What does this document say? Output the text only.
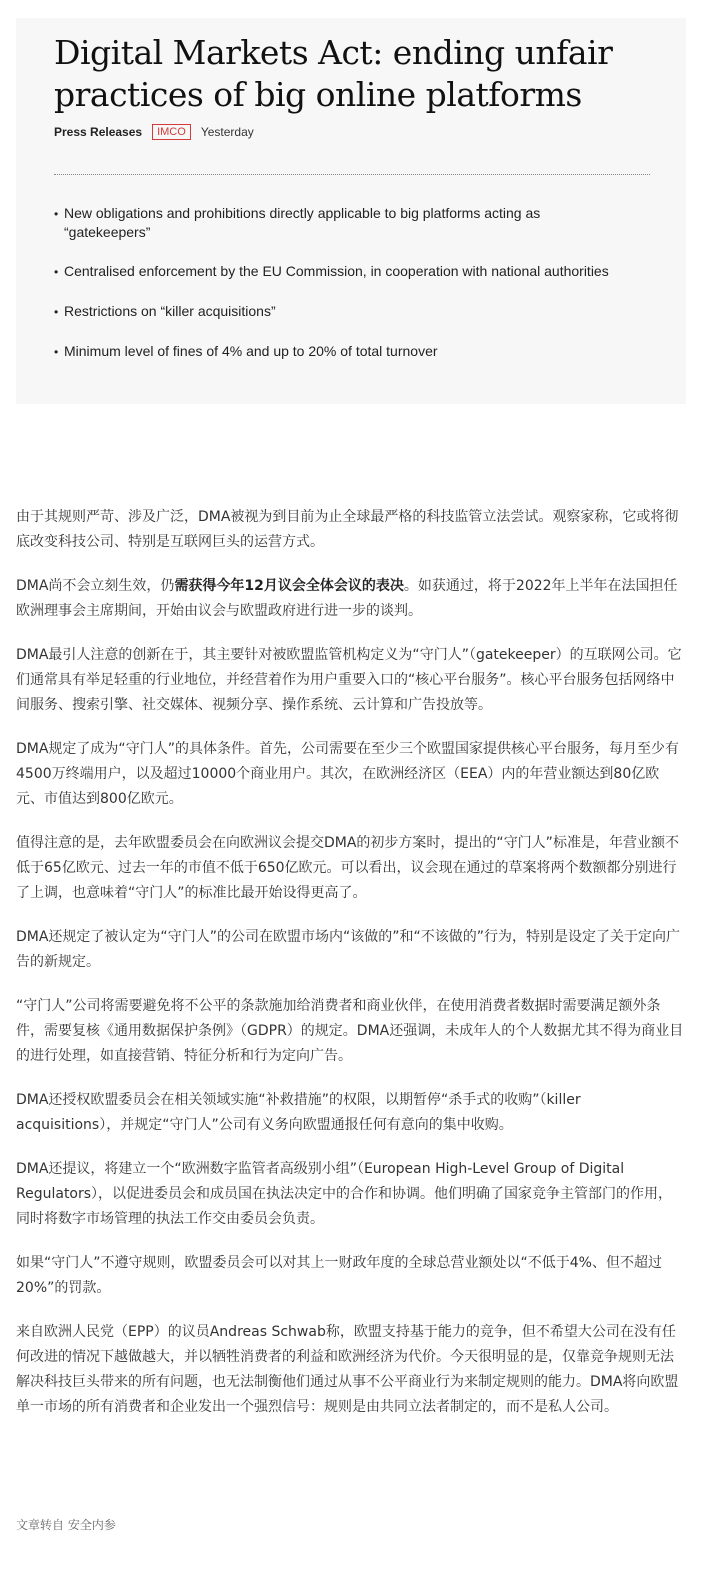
Digital Markets Act: ending unfair
practices of big online platforms
Press Releases	IMCO	Yesterday
• New obligations and prohibitions directly applicable to big platforms acting as “gatekeepers”
• Centralised enforcement by the EU Commission, in cooperation with national authorities
• Restrictions on “killer acquisitions”
• Minimum level of fines of 4% and up to 20% of total turnover

由于其规则严苛、涉及广泛，DMA被视为到目前为止全球最严格的科技监管立法尝试。观察家称，它或将彻底改变科技公司、特别是互联网巨头的运营方式。

DMA尚不会立刻生效，仍需获得今年12月议会全体会议的表决。如获通过，将于2022年上半年在法国担任欧洲理事会主席期间，开始由议会与欧盟政府进行进一步的谈判。

DMA最引人注意的创新在于，其主要针对被欧盟监管机构定义为“守门人”（gatekeeper）的互联网公司。它们通常具有举足轻重的行业地位，并经营着作为用户重要入口的“核心平台服务”。核心平台服务包括网络中间服务、搜索引擎、社交媒体、视频分享、操作系统、云计算和广告投放等。

DMA规定了成为“守门人”的具体条件。首先，公司需要在至少三个欧盟国家提供核心平台服务，每月至少有4500万终端用户，以及超过10000个商业用户。其次，在欧洲经济区（EEA）内的年营业额达到80亿欧元、市值达到800亿欧元。

值得注意的是，去年欧盟委员会在向欧洲议会提交DMA的初步方案时，提出的“守门人”标准是，年营业额不低于65亿欧元、过去一年的市值不低于650亿欧元。可以看出，议会现在通过的草案将两个数额都分别进行了上调，也意味着“守门人”的标准比最开始设得更高了。

DMA还规定了被认定为“守门人”的公司在欧盟市场内“该做的”和“不该做的”行为，特别是设定了关于定向广告的新规定。

“守门人”公司将需要避免将不公平的条款施加给消费者和商业伙伴，在使用消费者数据时需要满足额外条件，需要复核《通用数据保护条例》（GDPR）的规定。DMA还强调，未成年人的个人数据尤其不得为商业目的进行处理，如直接营销、特征分析和行为定向广告。

DMA还授权欧盟委员会在相关领域实施“补救措施”的权限，以期暂停“杀手式的收购”（killer acquisitions），并规定“守门人”公司有义务向欧盟通报任何有意向的集中收购。

DMA还提议，将建立一个“欧洲数字监管者高级别小组”（European High-Level Group of Digital Regulators），以促进委员会和成员国在执法决定中的合作和协调。他们明确了国家竞争主管部门的作用，同时将数字市场管理的执法工作交由委员会负责。

如果“守门人”不遵守规则，欧盟委员会可以对其上一财政年度的全球总营业额处以“不低于4%、但不超过20%”的罚款。

来自欧洲人民党（EPP）的议员Andreas Schwab称，欧盟支持基于能力的竞争，但不希望大公司在没有任何改进的情况下越做越大，并以牺牲消费者的利益和欧洲经济为代价。今天很明显的是，仅靠竞争规则无法解决科技巨头带来的所有问题，也无法制衡他们通过从事不公平商业行为来制定规则的能力。DMA将向欧盟单一市场的所有消费者和企业发出一个强烈信号：规则是由共同立法者制定的，而不是私人公司。

文章转自 安全内参
